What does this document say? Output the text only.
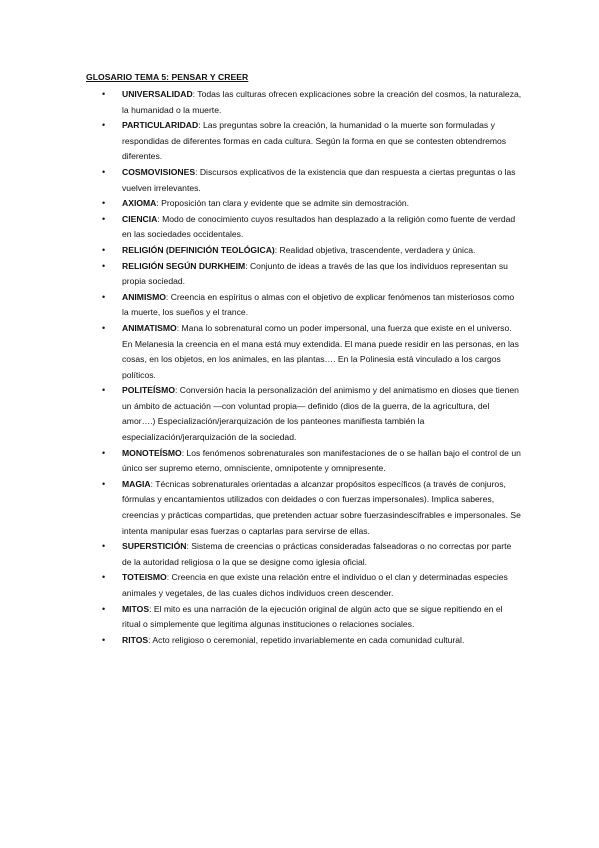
GLOSARIO TEMA 5: PENSAR Y CREER
• UNIVERSALIDAD: Todas las culturas ofrecen explicaciones sobre la creación del cosmos, la naturaleza, la humanidad o la muerte.
• PARTICULARIDAD: Las preguntas sobre la creación, la humanidad o la muerte son formuladas y respondidas de diferentes formas en cada cultura. Según la forma en que se contesten obtendremos diferentes.
• COSMOVISIONES: Discursos explicativos de la existencia que dan respuesta a ciertas preguntas o las vuelven irrelevantes.
• AXIOMA: Proposición tan clara y evidente que se admite sin demostración.
• CIENCIA: Modo de conocimiento cuyos resultados han desplazado a la religión como fuente de verdad en las sociedades occidentales.
• RELIGIÓN (DEFINICIÓN TEOLÓGICA): Realidad objetiva, trascendente, verdadera y única.
• RELIGIÓN SEGÚN DURKHEIM: Conjunto de ideas a través de las que los individuos representan su propia sociedad.
• ANIMISMO: Creencia en espíritus o almas con el objetivo de explicar fenómenos tan misteriosos como la muerte, los sueños y el trance.
• ANIMATISMO: Mana lo sobrenatural como un poder impersonal, una fuerza que existe en el universo. En Melanesia la creencia en el mana está muy extendida. El mana puede residir en las personas, en las cosas, en los objetos, en los animales, en las plantas…. En la Polinesia está vinculado a los cargos políticos.
• POLITEÍSMO: Conversión hacia la personalización del animismo y del animatismo en dioses que tienen un ámbito de actuación —con voluntad propia— definido (dios de la guerra, de la agricultura, del amor….) Especialización/jerarquización de los panteones manifiesta también la especialización/jerarquización de la sociedad.
• MONOTEÍSMO: Los fenómenos sobrenaturales son manifestaciones de o se hallan bajo el control de un único ser supremo eterno, omnisciente, omnipotente y omnipresente.
• MAGIA: Técnicas sobrenaturales orientadas a alcanzar propósitos específicos (a través de conjuros, fórmulas y encantamientos utilizados con deidades o con fuerzas impersonales). Implica saberes, creencias y prácticas compartidas, que pretenden actuar sobre fuerzasindescifrables e impersonales. Se intenta manipular esas fuerzas o captarlas para servirse de ellas.
• SUPERSTICIÓN: Sistema de creencias o prácticas consideradas falseadoras o no correctas por parte de la autoridad religiosa o la que se designe como iglesia oficial.
• TOTEISMO: Creencia en que existe una relación entre el individuo o el clan y determinadas especies animales y vegetales, de las cuales dichos individuos creen descender.
• MITOS: El mito es una narración de la ejecución original de algún acto que se sigue repitiendo en el ritual o simplemente que legitima algunas instituciones o relaciones sociales.
• RITOS: Acto religioso o ceremonial, repetido invariablemente en cada comunidad cultural.
